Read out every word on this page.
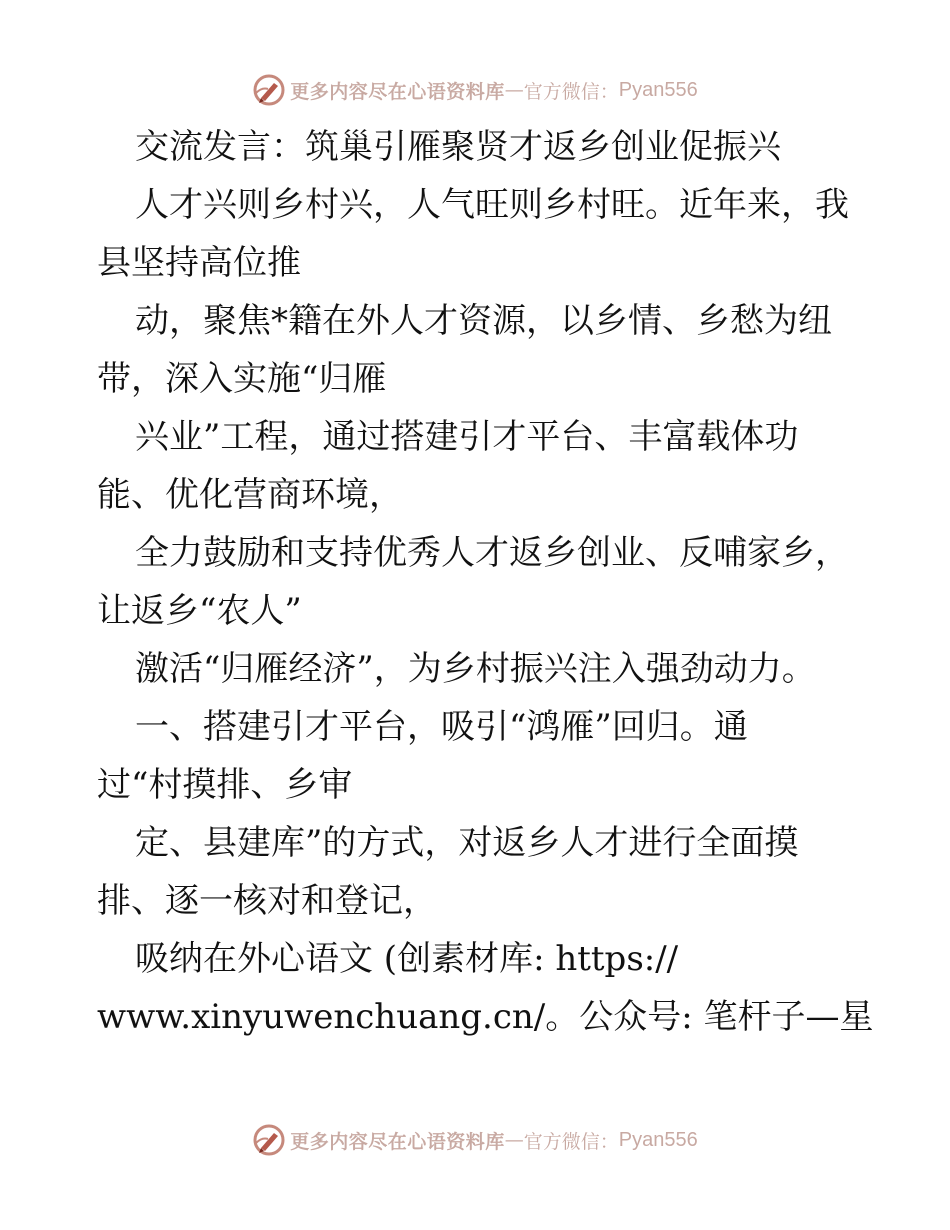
更多内容尽在心语资料库 — 官方微信： Pyan556

交流发言：筑巢引雁聚贤才返乡创业促振兴

人才兴则乡村兴，人气旺则乡村旺。近年来，我

县坚持高位推

动，聚焦*籍在外人才资源，以乡情、乡愁为纽

带，深入实施“归雁

兴业”工程，通过搭建引才平台、丰富载体功

能、优化营商环境，

全力鼓励和支持优秀人才返乡创业、反哺家乡，

让返乡“农人”

激活“归雁经济”，为乡村振兴注入强劲动力。

一、搭建引才平台，吸引“鸿雁”回归。通

过“村摸排、乡审

定、县建库”的方式，对返乡人才进行全面摸

排、逐一核对和登记，

吸纳在外心语文 (创素材库: https://

www.xinyuwenchuang.cn/。公众号: 笔杆子—星

更多内容尽在心语资料库 — 官方微信： Pyan556
